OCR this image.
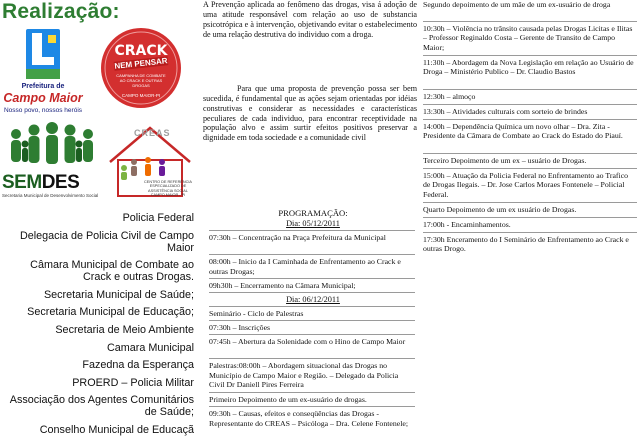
Realização:
Prefeitura de
Campo Maior
Nosso povo, nossos heróis
CRACK
NEM PENSAR
CAMPANHA DE COMBATE AO CRACK E OUTRAS DROGAS
CAMPO MAIOR-PI
SEMDES
Secretaria Municipal de Desenvolvimento Social
CREAS
CENTRO DE REFERÊNCIA ESPECIALIZADO DE ASSISTÊNCIA SOCIAL CAMPO MAIOR - PI
Policia Federal
Delegacia de Policia Civil de Campo Maior
Câmara Municipal de Combate ao Crack e outras Drogas.
Secretaria Municipal de Saúde;
Secretaria Municipal de Educação;
Secretaria de Meio Ambiente
Camara Municipal
Fazedna da Esperança
PROERD – Policia Militar
Associação dos Agentes Comunitários de Saúde;
Conselho Municipal de Educaçã
A Prevenção aplicada ao fenômeno das drogas, visa á adoção de uma atitude responsável com relação ao uso de substancia psicotrópica e à intervenção, objetivando evitar o estabelecimento de uma relação destrutiva do individuo com a droga.
Para que uma proposta de prevenção possa ser bem sucedida, é fundamental que as ações sejam orientadas por idéias construtivas e considerar as necessidades e características peculiares de cada individuo, para encontrar receptividade na população alvo e assim surtir efeitos positivos preservar a dignidade em toda sociedade e a comunidade civil
PROGRAMAÇÃO:
Dia: 05/12/2011
07:30h – Concentração na Praça Prefeitura da Municipal
08:00h – Inicio da I Caminhada de Enfrentamento ao Crack e outras Drogas;
09h30h – Encerramento na Câmara Municipal;
Dia: 06/12/2011
Seminário - Ciclo de Palestras
07:30h – Inscrições
07:45h – Abertura da Solenidade com o Hino de Campo Maior
Palestras:08:00h – Abordagem situacional das Drogas no Município de Campo Maior e Região. – Delegado da Policia Civil Dr Daniell Pires Ferreira
Primeiro Depoimento de um ex-usuário de drogas.
09:30h – Causas, efeitos e conseqüências das Drogas - Representante do CREAS – Psicóloga – Dra. Celene Fontenele;
Segundo depoimento de um mãe de um ex-usuário de droga
10:30h – Violência no trânsito causada pelas Drogas Licitas e Ilitas – Professor Reginaldo Costa – Gerente de Transito de Campo Maior;
11:30h – Abordagem da Nova Legislação em relação ao Usuário de Droga – Ministério Publico – Dr. Claudio Bastos
12:30h – almoço
13:30h – Atividades culturais com sorteio de brindes
14:00h – Dependência Química um novo olhar – Dra. Zita - Presidente da Câmara de Combate ao Crack do Estado do Piauí.
Terceiro Depoimento de um ex – usuário de Drogas.
15:00h – Atuação da Policia Federal no Enfrentamento ao Trafico de Drogas Ilegais. – Dr. Jose Carlos Moraes Fontenele – Policial Federal.
Quarto Depoimento de um ex usuário de Drogas.
17:00h - Encaminhamentos.
17:30h Enceramento do I Seminário de Enfrentamento ao Crack e outras Drogo.
